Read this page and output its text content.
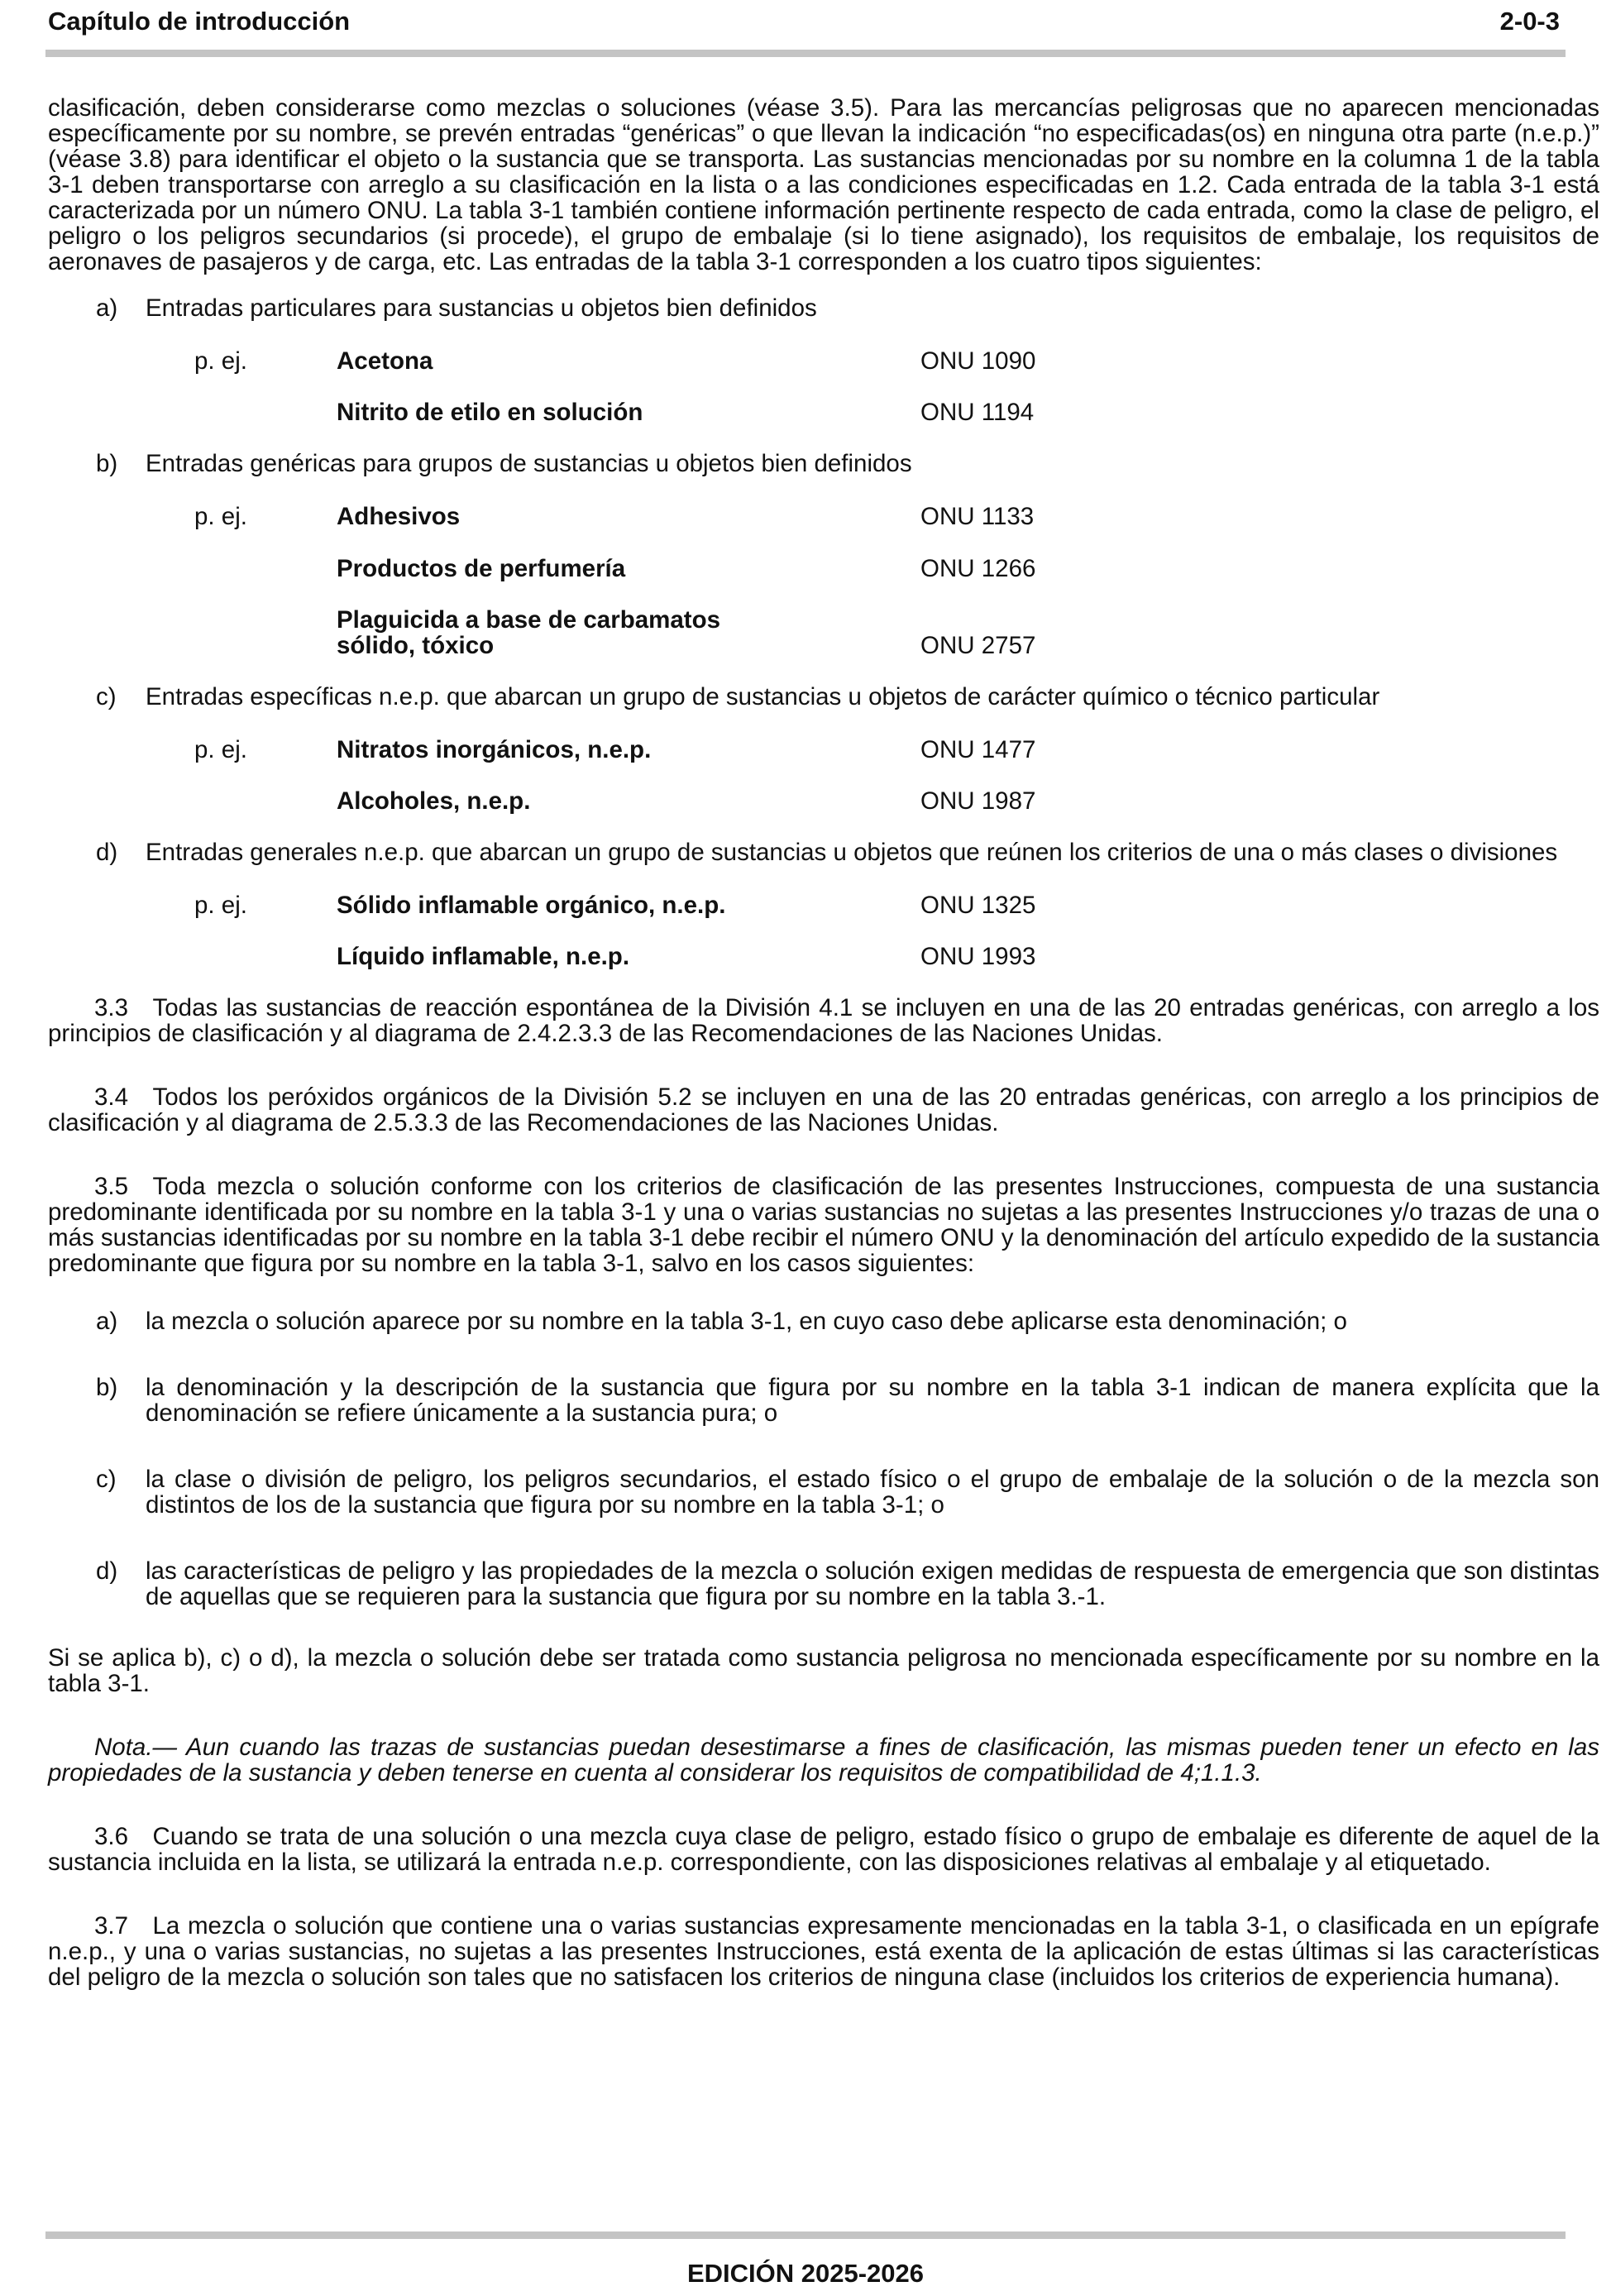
Capítulo de introducción	2-0-3

clasificación, deben considerarse como mezclas o soluciones (véase 3.5). Para las mercancías peligrosas que no aparecen mencionadas específicamente por su nombre, se prevén entradas “genéricas” o que llevan la indicación “no especificadas(os) en ninguna otra parte (n.e.p.)” (véase 3.8) para identificar el objeto o la sustancia que se transporta. Las sustancias mencionadas por su nombre en la columna 1 de la tabla 3-1 deben transportarse con arreglo a su clasificación en la lista o a las condiciones especificadas en 1.2. Cada entrada de la tabla 3-1 está caracterizada por un número ONU. La tabla 3-1 también contiene información pertinente respecto de cada entrada, como la clase de peligro, el peligro o los peligros secundarios (si procede), el grupo de embalaje (si lo tiene asignado), los requisitos de embalaje, los requisitos de aeronaves de pasajeros y de carga, etc. Las entradas de la tabla 3-1 corresponden a los cuatro tipos siguientes:

a)	Entradas particulares para sustancias u objetos bien definidos
p. ej.	Acetona	ONU 1090
Nitrito de etilo en solución	ONU 1194
b)	Entradas genéricas para grupos de sustancias u objetos bien definidos
p. ej.	Adhesivos	ONU 1133
Productos de perfumería	ONU 1266
Plaguicida a base de carbamatos
sólido, tóxico	ONU 2757
c)	Entradas específicas n.e.p. que abarcan un grupo de sustancias u objetos de carácter químico o técnico particular
p. ej.	Nitratos inorgánicos, n.e.p.	ONU 1477
Alcoholes, n.e.p.	ONU 1987
d)	Entradas generales n.e.p. que abarcan un grupo de sustancias u objetos que reúnen los criterios de una o más clases o divisiones
p. ej.	Sólido inflamable orgánico, n.e.p.	ONU 1325
Líquido inflamable, n.e.p.	ONU 1993

3.3 Todas las sustancias de reacción espontánea de la División 4.1 se incluyen en una de las 20 entradas genéricas, con arreglo a los principios de clasificación y al diagrama de 2.4.2.3.3 de las Recomendaciones de las Naciones Unidas.

3.4 Todos los peróxidos orgánicos de la División 5.2 se incluyen en una de las 20 entradas genéricas, con arreglo a los principios de clasificación y al diagrama de 2.5.3.3 de las Recomendaciones de las Naciones Unidas.

3.5 Toda mezcla o solución conforme con los criterios de clasificación de las presentes Instrucciones, compuesta de una sustancia predominante identificada por su nombre en la tabla 3-1 y una o varias sustancias no sujetas a las presentes Instrucciones y/o trazas de una o más sustancias identificadas por su nombre en la tabla 3-1 debe recibir el número ONU y la denominación del artículo expedido de la sustancia predominante que figura por su nombre en la tabla 3-1, salvo en los casos siguientes:

a)	la mezcla o solución aparece por su nombre en la tabla 3-1, en cuyo caso debe aplicarse esta denominación; o
b)	la denominación y la descripción de la sustancia que figura por su nombre en la tabla 3-1 indican de manera explícita que la denominación se refiere únicamente a la sustancia pura; o
c)	la clase o división de peligro, los peligros secundarios, el estado físico o el grupo de embalaje de la solución o de la mezcla son distintos de los de la sustancia que figura por su nombre en la tabla 3-1; o
d)	las características de peligro y las propiedades de la mezcla o solución exigen medidas de respuesta de emergencia que son distintas de aquellas que se requieren para la sustancia que figura por su nombre en la tabla 3.-1.

Si se aplica b), c) o d), la mezcla o solución debe ser tratada como sustancia peligrosa no mencionada específicamente por su nombre en la tabla 3-1.

Nota.— Aun cuando las trazas de sustancias puedan desestimarse a fines de clasificación, las mismas pueden tener un efecto en las propiedades de la sustancia y deben tenerse en cuenta al considerar los requisitos de compatibilidad de 4;1.1.3.

3.6 Cuando se trata de una solución o una mezcla cuya clase de peligro, estado físico o grupo de embalaje es diferente de aquel de la sustancia incluida en la lista, se utilizará la entrada n.e.p. correspondiente, con las disposiciones relativas al embalaje y al etiquetado.

3.7 La mezcla o solución que contiene una o varias sustancias expresamente mencionadas en la tabla 3-1, o clasificada en un epígrafe n.e.p., y una o varias sustancias, no sujetas a las presentes Instrucciones, está exenta de la aplicación de estas últimas si las características del peligro de la mezcla o solución son tales que no satisfacen los criterios de ninguna clase (incluidos los criterios de experiencia humana).

EDICIÓN 2025-2026
